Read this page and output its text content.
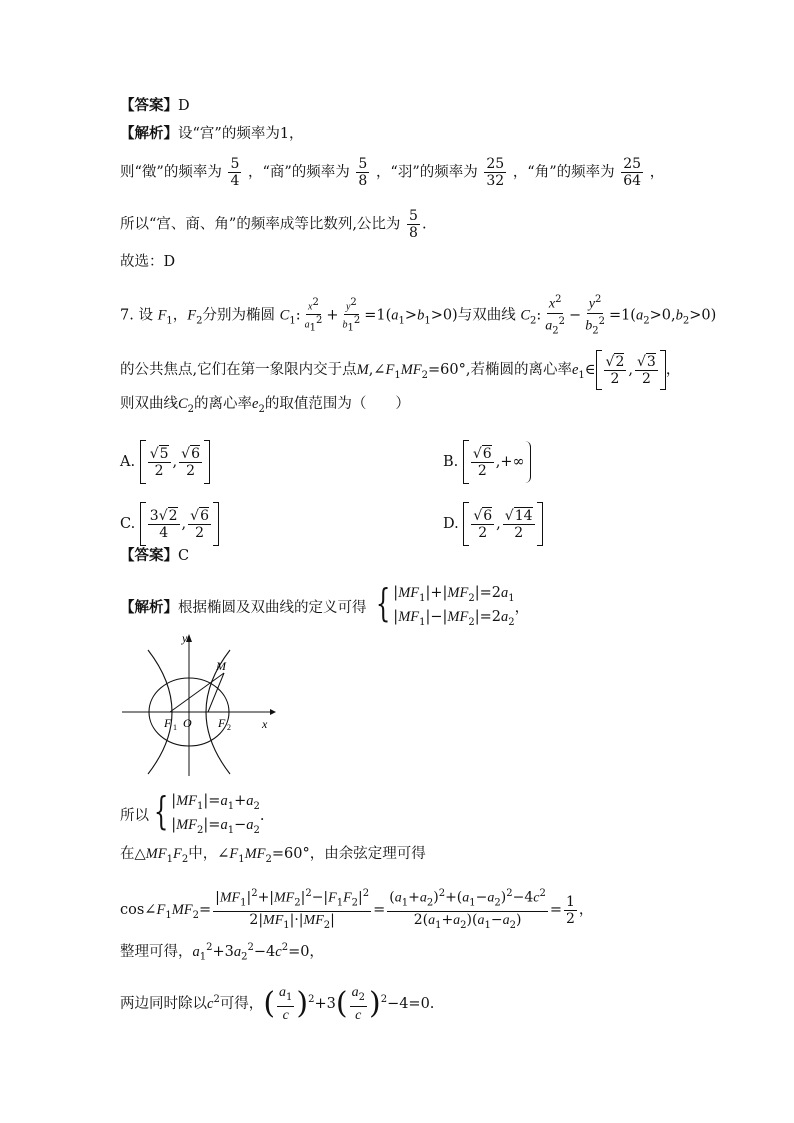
【答案】D
【解析】设“宫”的频率为1，
则“徵”的频率为 $\frac{5}{4}$ ，“商”的频率为 $\frac{5}{8}$ ，“羽”的频率为 $\frac{25}{32}$ ，“角”的频率为 $\frac{25}{64}$ ，
所以“宫、商、角”的频率成等比数列,公比为 $\frac{5}{8}$ .
故选：D
7. 设 $F_1$，$F_2$分别为椭圆 $C_1$: $\frac{x^2}{a_1^2} + \frac{y^2}{b_1^2} =1(a_1>b_1>0)$与双曲线 $C_2$: $\frac{x^2}{a_2^2} - \frac{y^2}{b_2^2} =1(a_2>0,b_2>0)$
的公共焦点,它们在第一象限内交于点$M,\angle F_1MF_2=60^\circ$,若椭圆的离心率$e_1\in \frac{√2}{2}$ , $\frac{√3}{2}$ ，
则双曲线$C_2$的离心率$e_2$的取值范围为（　　）
A. $\frac{√5}{2}$ , $\frac{√6}{2}$	B. $\frac{√6}{2}$ ,+∞
C. $\frac{3√2}{4}$ , $\frac{√6}{2}$	D. $\frac{√6}{2}$ , $\frac{√14}{2}$
【答案】C
【解析】根据椭圆及双曲线的定义可得 { $|MF_1|+|MF_2|=2a_1$
$|MF_1|-|MF_2|=2a_2$
，
y
M
F 1 O F 2	x
所以 { $|MF_1|=a_1+a_2$
$|MF_2|=a_1-a_2$
.
在$\triangle MF_1F_2$中，$\angle F_1MF_2=60^\circ$，由余弦定理可得
$\cos\angle F_1MF_2= \frac{|MF_1|^2+|MF_2|^2-|F_1F_2|^2}{2|MF_1|\cdot|MF_2|} = \frac{(a_1+a_2)^2+(a_1-a_2)^2-4c^2}{2(a_1+a_2)(a_1-a_2)} = \frac{1}{2}$ ，
整理可得，$a_1^2+3a_2^2-4c^2=0$，
两边同时除以$c^2$可得， ( $\frac{a_1}{c}$ ) $^2$+3 ( $\frac{a_2}{c}$ ) $^2$−4=0.
